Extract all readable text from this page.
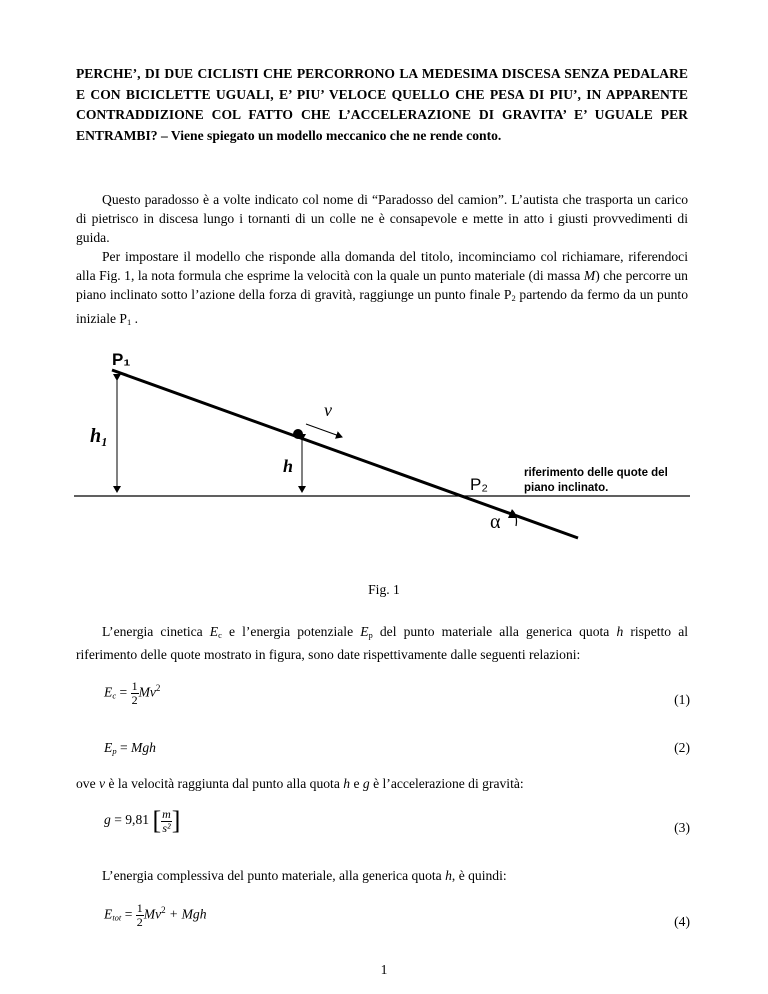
PERCHE’, DI DUE CICLISTI CHE PERCORRONO LA MEDESIMA DISCESA SENZA PEDALARE E CON BICICLETTE UGUALI, E’ PIU’ VELOCE QUELLO CHE PESA DI PIU’, IN APPARENTE CONTRADDIZIONE COL FATTO CHE L’ACCELERAZIONE DI GRAVITA’ E’ UGUALE PER ENTRAMBI? – Viene spiegato un modello meccanico che ne rende conto.
Questo paradosso è a volte indicato col nome di “Paradosso del camion”. L’autista che trasporta un carico di pietrisco in discesa lungo i tornanti di un colle ne è consapevole e mette in atto i giusti provvedimenti di guida.
Per impostare il modello che risponde alla domanda del titolo, incominciamo col richiamare, riferendoci alla Fig. 1, la nota formula che esprime la velocità con la quale un punto materiale (di massa M) che percorre un piano inclinato sotto l’azione della forza di gravità, raggiunge un punto finale $P_2$ partendo da fermo da un punto iniziale $P_1$ .
P₁
h₁
h
v
P₂
α
riferimento delle quote del
piano inclinato.
Fig. 1
L’energia cinetica $E_c$ e l’energia potenziale $E_p$ del punto materiale alla generica quota h rispetto al riferimento delle quote mostrato in figura, sono date rispettivamente dalle seguenti relazioni:
$E_c = \frac{1}{2} Mv^2$
(1)
$E_p$ = Mgh	(2)
ove v è la velocità raggiunta dal punto alla quota h e g è l’accelerazione di gravità:
g = 9,81 [ $\frac{m}{\text{s²}}$ ]	(3)
L’energia complessiva del punto materiale, alla generica quota h, è quindi:
$E_{tot} = \frac{1}{2} Mv^2$ + Mgh	(4)
1
